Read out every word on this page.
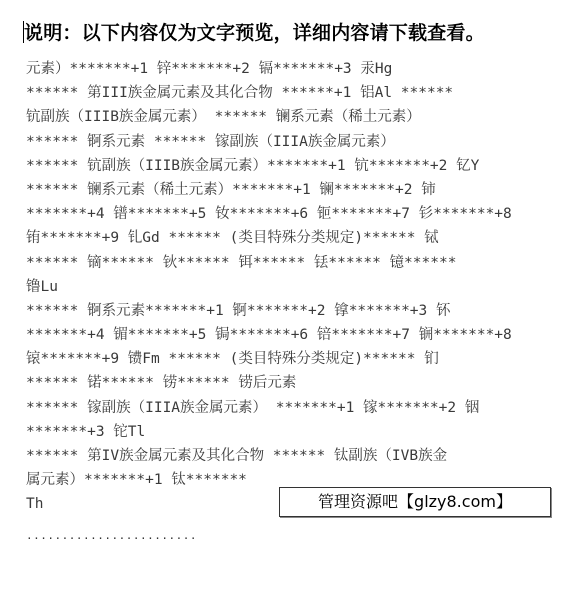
说明：以下内容仅为文字预览，详细内容请下载查看。
元素）*******+1 锌*******+2 镉*******+3 汞Hg
****** 第III族金属元素及其化合物 ******+1 铝Al ******
钪副族（IIIB族金属元素） ****** 镧系元素（稀土元素）
****** 锕系元素 ****** 镓副族（IIIA族金属元素）
****** 钪副族（IIIB族金属元素）*******+1 钪*******+2 钇Y
****** 镧系元素（稀土元素）*******+1 镧*******+2 铈
*******+4 镨*******+5 钕*******+6 钷*******+7 钐*******+8
铕*******+9 钆Gd ****** (类目特殊分类规定)****** 铽
****** 镝****** 钬****** 铒****** 铥****** 镱******
镥Lu
****** 锕系元素*******+1 锕*******+2 镎*******+3 钚
*******+4 镅*******+5 锔*******+6 锫*******+7 锎*******+8
锿*******+9 镄Fm ****** (类目特殊分类规定)****** 钔
****** 锘****** 铹****** 铹后元素
****** 镓副族（IIIA族金属元素） *******+1 镓*******+2 铟
*******+3 铊Tl
****** 第IV族金属元素及其化合物 ****** 钛副族（IVB族金
属元素）*******+1 钛*******
Th
························
管理资源吧【glzy8.com】
